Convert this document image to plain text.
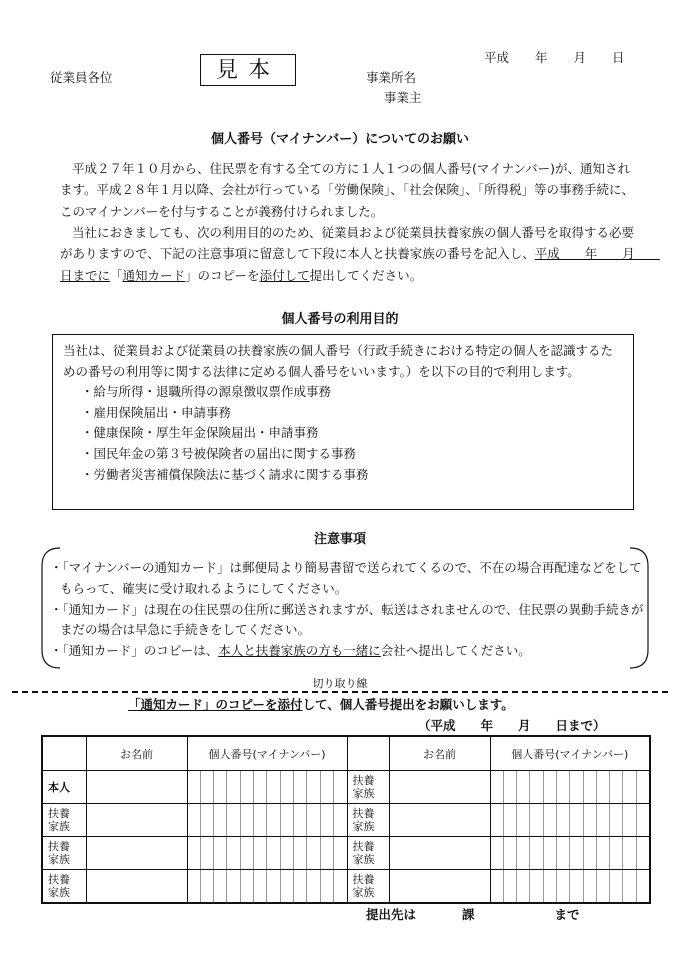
平成 年 月 日
従業員各位	見本	事業所名
事業主
個人番号（マイナンバー）についてのお願い
平成２７年１０月から、住民票を有する全ての方に１人１つの個人番号(マイナンバー)が、通知されます。平成２８年１月以降、会社が行っている「労働保険」、「社会保険」、「所得税」等の事務手続に、このマイナンバーを付与することが義務付けられました。
当社におきましても、次の利用目的のため、従業員および従業員扶養家族の個人番号を取得する必要がありますので、下記の注意事項に留意して下段に本人と扶養家族の番号を記入し、平成　　年　　月　　日までに「通知カード」のコピーを添付して提出してください。
個人番号の利用目的
当社は、従業員および従業員の扶養家族の個人番号（行政手続きにおける特定の個人を認識するための番号の利用等に関する法律に定める個人番号をいいます。）を以下の目的で利用します。
・給与所得・退職所得の源泉徴収票作成事務
・雇用保険届出・申請事務
・健康保険・厚生年金保険届出・申請事務
・国民年金の第３号被保険者の届出に関する事務
・労働者災害補償保険法に基づく請求に関する事務
注意事項

・「マイナンバーの通知カード」は郵便局より簡易書留で送られてくるので、不在の場合再配達などをしてもらって、確実に受け取れるようにしてください。

・「通知カード」は現在の住民票の住所に郵送されますが、転送はされませんので、住民票の異動手続きがまだの場合は早急に手続きをしてください。

・「通知カード」のコピーは、本人と扶養家族の方も一緒に会社へ提出してください。

切り取り線
「通知カード」のコピーを添付して、個人番号提出をお願いします。
（平成　　年　　月　　日まで）
	お名前	個人番号(マイナンバー)		お名前	個人番号(マイナンバー)
本人			扶養
家族		

扶養
家族			扶養
家族		

扶養
家族			扶養
家族		

扶養
家族			扶養
家族		
提出先は	課	まで
